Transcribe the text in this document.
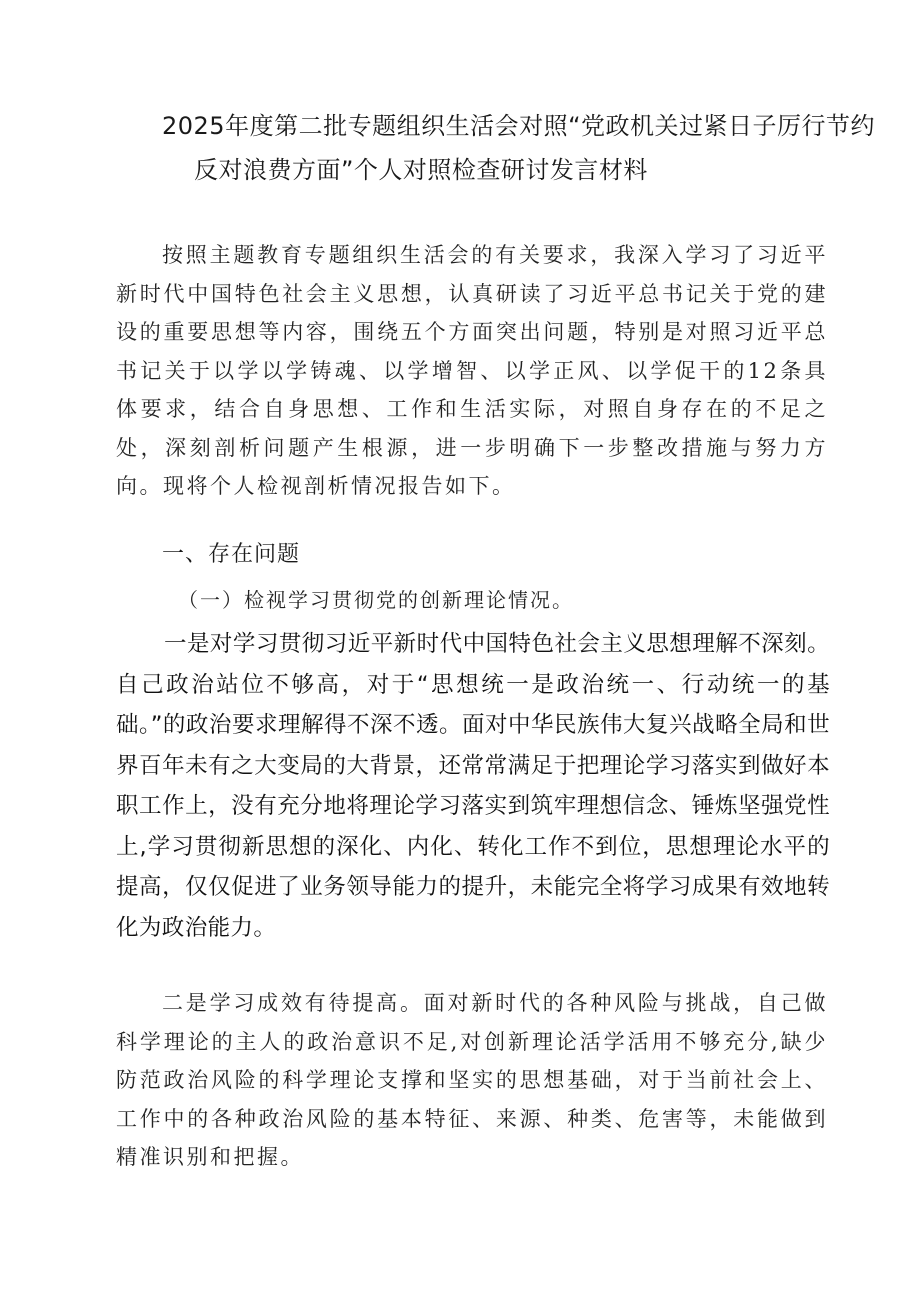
2025年度第二批专题组织生活会对照“党政机关过紧日子厉行节约
反对浪费方面”个人对照检查研讨发言材料

按照主题教育专题组织生活会的有关要求，我深入学习了习近平新时代中国特色社会主义思想，认真研读了习近平总书记关于党的建设的重要思想等内容，围绕五个方面突出问题，特别是对照习近平总书记关于以学以学铸魂、以学增智、以学正风、以学促干的12条具体要求，结合自身思想、工作和生活实际，对照自身存在的不足之处，深刻剖析问题产生根源，进一步明确下一步整改措施与努力方向。现将个人检视剖析情况报告如下。

一、存在问题

（一）检视学习贯彻党的创新理论情况。

一是对学习贯彻习近平新时代中国特色社会主义思想理解不深刻。自己政治站位不够高，对于“思想统一是政治统一、行动统一的基础。”的政治要求理解得不深不透。面对中华民族伟大复兴战略全局和世界百年未有之大变局的大背景，还常常满足于把理论学习落实到做好本职工作上，没有充分地将理论学习落实到筑牢理想信念、锤炼坚强党性上,学习贯彻新思想的深化、内化、转化工作不到位，思想理论水平的提高，仅仅促进了业务领导能力的提升，未能完全将学习成果有效地转化为政治能力。

二是学习成效有待提高。面对新时代的各种风险与挑战，自己做科学理论的主人的政治意识不足,对创新理论活学活用不够充分,缺少防范政治风险的科学理论支撑和坚实的思想基础，对于当前社会上、工作中的各种政治风险的基本特征、来源、种类、危害等，未能做到精准识别和把握。
